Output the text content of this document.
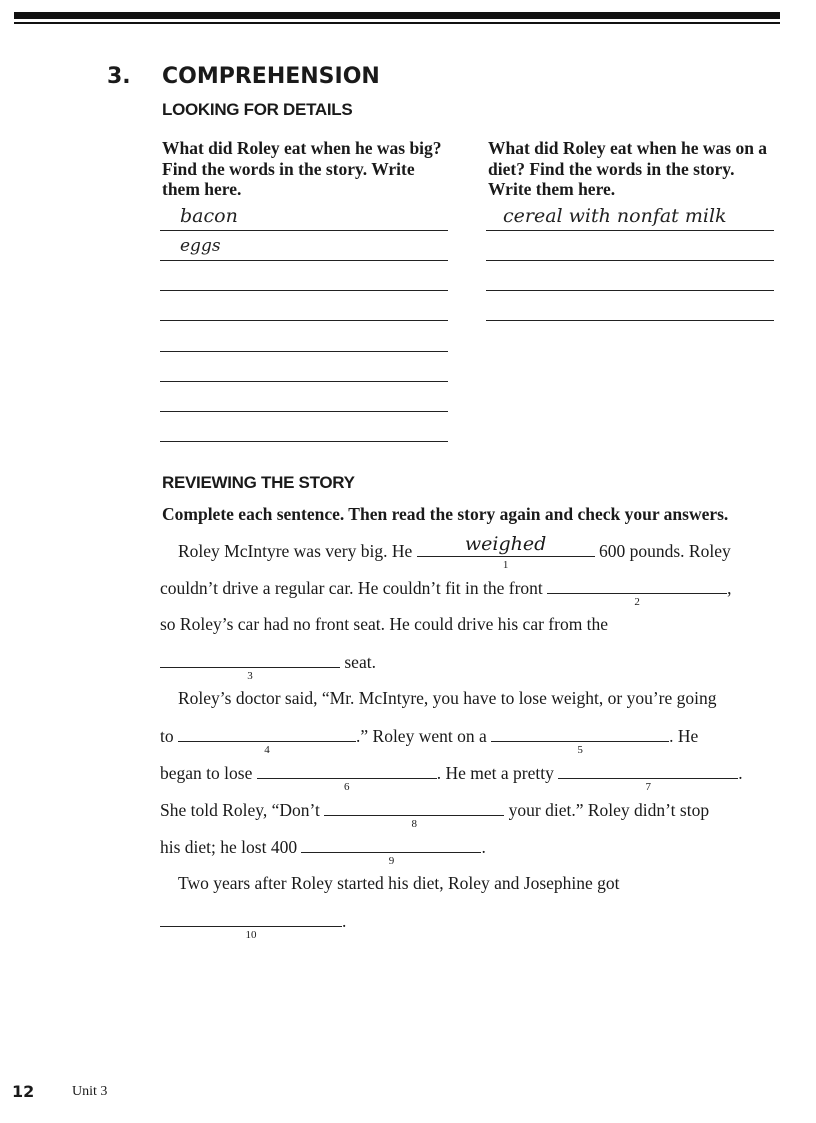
3. COMPREHENSION
LOOKING FOR DETAILS
What did Roley eat when he was big? Find the words in the story. Write them here.
What did Roley eat when he was on a diet? Find the words in the story. Write them here.
bacon
eggs
cereal with nonfat milk
REVIEWING THE STORY
Complete each sentence. Then read the story again and check your answers.
Roley McIntyre was very big. He	weighed
1
600 pounds. Roley
couldn’t drive a regular car. He couldn’t fit in the front
2
,
so Roley’s car had no front seat. He could drive his car from the
3
seat.
Roley’s doctor said, “Mr. McIntyre, you have to lose weight, or you’re going
to
4
.” Roley went on a
5
. He
began to lose
6
. He met a pretty
7
.
She told Roley, “Don’t
8
your diet.” Roley didn’t stop
his diet; he lost 400
9
.
Two years after Roley started his diet, Roley and Josephine got
10
.
12	Unit 3
